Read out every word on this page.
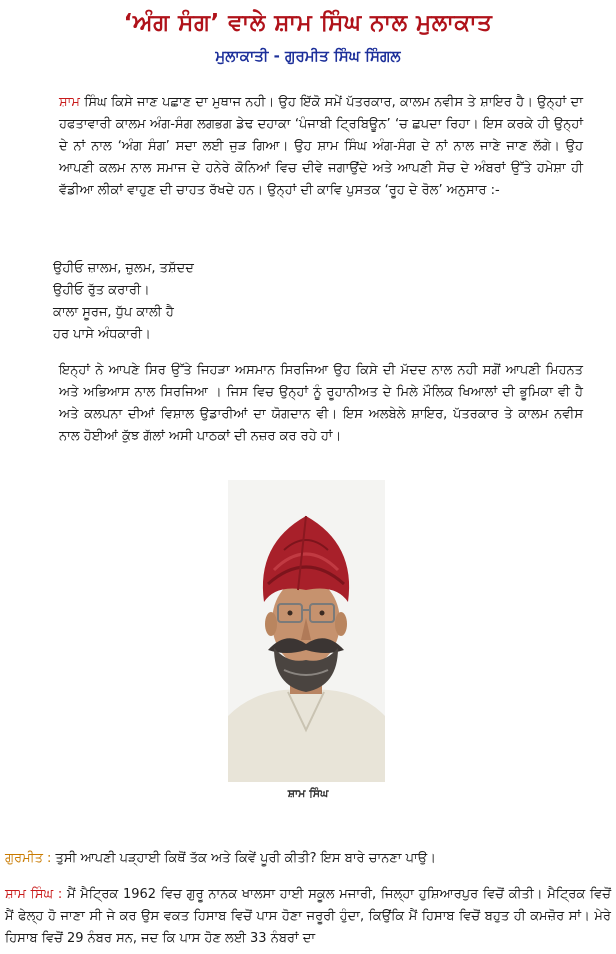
‘ਅੰਗ ਸੰਗ’ ਵਾਲੇ ਸ਼ਾਮ ਸਿੰਘ ਨਾਲ ਮੁਲਾਕਾਤ
ਮੁਲਾਕਾਤੀ - ਗੁਰਮੀਤ ਸਿੰਘ ਸਿੰਗਲ

ਸ਼ਾਮ ਸਿੰਘ ਕਿਸੇ ਜਾਣ ਪਛਾਣ ਦਾ ਮੁਥਾਜ ਨਹੀ। ਉਹ ਇੱਕੋ ਸਮੇਂ ਪੱਤਰਕਾਰ, ਕਾਲਮ ਨਵੀਸ ਤੇ ਸ਼ਾਇਰ ਹੈ। ਉਨ੍ਹਾਂ ਦਾ ਹਫਤਾਵਾਰੀ ਕਾਲਮ ਅੰਗ-ਸੰਗ ਲਗਭਗ ਡੇਢ ਦਹਾਕਾ ‘ਪੰਜਾਬੀ ਟ੍ਰਿਬਿਊਨ’ ‘ਚ ਛਪਦਾ ਰਿਹਾ। ਇਸ ਕਰਕੇ ਹੀ ਉਨ੍ਹਾਂ ਦੇ ਨਾਂ ਨਾਲ ‘ਅੰਗ ਸੰਗ’ ਸਦਾ ਲਈ ਜੁੜ ਗਿਆ। ਉਹ ਸ਼ਾਮ ਸਿੰਘ ਅੰਗ-ਸੰਗ ਦੇ ਨਾਂ ਨਾਲ ਜਾਣੇ ਜਾਣ ਲੱਗੇ। ਉਹ ਆਪਣੀ ਕਲਮ ਨਾਲ ਸਮਾਜ ਦੇ ਹਨੇਰੇ ਕੋਨਿਆਂ ਵਿਚ ਦੀਵੇ ਜਗਾਉਂਦੇ ਅਤੇ ਆਪਣੀ ਸੋਚ ਦੇ ਅੰਬਰਾਂ ਉੱਤੇ ਹਮੇਸ਼ਾ ਹੀ ਵੱਡੀਆ ਲੀਕਾਂ ਵਾਹੁਣ ਦੀ ਚਾਹਤ ਰੱਖਦੇ ਹਨ। ਉਨ੍ਹਾਂ ਦੀ ਕਾਵਿ ਪੁਸਤਕ ‘ਰੂਹ ਦੇ ਰੋਲ’ ਅਨੁਸਾਰ :-

ਉਹੀਓ ਜ਼ਾਲਮ, ਜ਼ੁਲਮ, ਤਸ਼ੱਦਦ
ਉਹੀਓ ਰੁੱਤ ਕਰਾਰੀ।
ਕਾਲਾ ਸੂਰਜ, ਧੁੱਪ ਕਾਲੀ ਹੈ
ਹਰ ਪਾਸੇ ਅੰਧਕਾਰੀ।

ਇਨ੍ਹਾਂ ਨੇ ਆਪਣੇ ਸਿਰ ਉੱਤੇ ਜਿਹੜਾ ਅਸਮਾਨ ਸਿਰਜਿਆ ਉਹ ਕਿਸੇ ਦੀ ਮੱਦਦ ਨਾਲ ਨਹੀ ਸਗੋਂ ਆਪਣੀ ਮਿਹਨਤ ਅਤੇ ਅਭਿਆਸ ਨਾਲ ਸਿਰਜਿਆ । ਜਿਸ ਵਿਚ ਉਨ੍ਹਾਂ ਨੂੰ ਰੂਹਾਨੀਅਤ ਦੇ ਮਿਲੇ ਮੌਲਿਕ ਖਿਆਲਾਂ ਦੀ ਭੂਮਿਕਾ ਵੀ ਹੈ ਅਤੇ ਕਲਪਨਾ ਦੀਆਂ ਵਿਸ਼ਾਲ ਉਡਾਰੀਆਂ ਦਾ ਯੋਗਦਾਨ ਵੀ। ਇਸ ਅਲਬੇਲੇ ਸ਼ਾਇਰ, ਪੱਤਰਕਾਰ ਤੇ ਕਾਲਮ ਨਵੀਸ ਨਾਲ ਹੋਈਆਂ ਕੁੱਝ ਗੱਲਾਂ ਅਸੀ ਪਾਠਕਾਂ ਦੀ ਨਜ਼ਰ ਕਰ ਰਹੇ ਹਾਂ।

ਸ਼ਾਮ ਸਿੰਘ

ਗੁਰਮੀਤ : ਤੁਸੀ ਆਪਣੀ ਪੜ੍ਹਾਈ ਕਿਥੋਂ ਤੱਕ ਅਤੇ ਕਿਵੇਂ ਪੂਰੀ ਕੀਤੀ? ਇਸ ਬਾਰੇ ਚਾਨਣਾ ਪਾਉ।

ਸ਼ਾਮ ਸਿੰਘ : ਮੈਂ ਮੈਟ੍ਰਿਕ 1962 ਵਿਚ ਗੁਰੂ ਨਾਨਕ ਖਾਲਸਾ ਹਾਈ ਸਕੂਲ ਮਜਾਰੀ, ਜਿਲ੍ਹਾ ਹੁਸ਼ਿਆਰਪੁਰ ਵਿਚੋਂ ਕੀਤੀ। ਮੈਟ੍ਰਿਕ ਵਿਚੋਂ ਮੈਂ ਫੇਲ੍ਹ ਹੋ ਜਾਣਾ ਸੀ ਜੇ ਕਰ ਉਸ ਵਕਤ ਹਿਸਾਬ ਵਿਚੋਂ ਪਾਸ ਹੋਣਾ ਜਰੂਰੀ ਹੁੰਦਾ, ਕਿਉਂਕਿ ਮੈਂ ਹਿਸਾਬ ਵਿਚੋਂ ਬਹੁਤ ਹੀ ਕਮਜ਼ੋਰ ਸਾਂ। ਮੇਰੇ ਹਿਸਾਬ ਵਿਚੋਂ 29 ਨੰਬਰ ਸਨ, ਜਦ ਕਿ ਪਾਸ ਹੋਣ ਲਈ 33 ਨੰਬਰਾਂ ਦਾ
